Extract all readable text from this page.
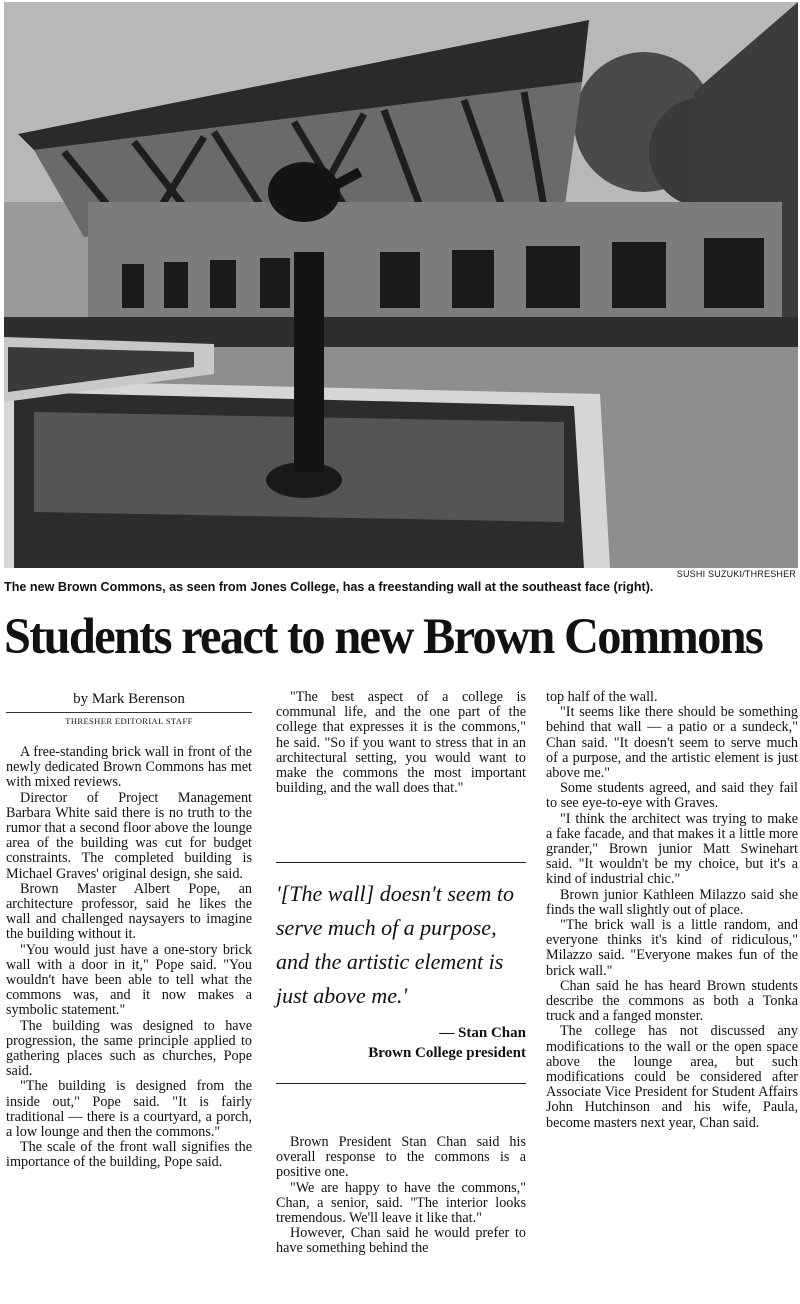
SUSHI SUZUKI/THRESHER
The new Brown Commons, as seen from Jones College, has a freestanding wall at the southeast face (right).
Students react to new Brown Commons
by Mark Berenson
THRESHER EDITORIAL STAFF

A free-standing brick wall in front of the newly dedicated Brown Commons has met with mixed reviews.

Director of Project Management Barbara White said there is no truth to the rumor that a second floor above the lounge area of the building was cut for budget constraints. The completed building is Michael Graves' original design, she said.

Brown Master Albert Pope, an architecture professor, said he likes the wall and challenged naysayers to imagine the building without it.

"You would just have a one-story brick wall with a door in it," Pope said. "You wouldn't have been able to tell what the commons was, and it now makes a symbolic statement."

The building was designed to have progression, the same principle applied to gathering places such as churches, Pope said.

"The building is designed from the inside out," Pope said. "It is fairly traditional — there is a courtyard, a porch, a low lounge and then the commons."

The scale of the front wall signifies the importance of the building, Pope said.

"The best aspect of a college is communal life, and the one part of the college that expresses it is the commons," he said. "So if you want to stress that in an architectural setting, you would want to make the commons the most important building, and the wall does that."

'[The wall] doesn't seem to serve much of a purpose, and the artistic element is just above me.'
— Stan Chan
Brown College president

Brown President Stan Chan said his overall response to the commons is a positive one.

"We are happy to have the commons," Chan, a senior, said. "The interior looks tremendous. We'll leave it like that."

However, Chan said he would prefer to have something behind the

top half of the wall.

"It seems like there should be something behind that wall — a patio or a sundeck," Chan said. "It doesn't seem to serve much of a purpose, and the artistic element is just above me."

Some students agreed, and said they fail to see eye-to-eye with Graves.

"I think the architect was trying to make a fake facade, and that makes it a little more grander," Brown junior Matt Swinehart said. "It wouldn't be my choice, but it's a kind of industrial chic."

Brown junior Kathleen Milazzo said she finds the wall slightly out of place.

"The brick wall is a little random, and everyone thinks it's kind of ridiculous," Milazzo said. "Everyone makes fun of the brick wall."

Chan said he has heard Brown students describe the commons as both a Tonka truck and a fanged monster.

The college has not discussed any modifications to the wall or the open space above the lounge area, but such modifications could be considered after Associate Vice President for Student Affairs John Hutchinson and his wife, Paula, become masters next year, Chan said.
